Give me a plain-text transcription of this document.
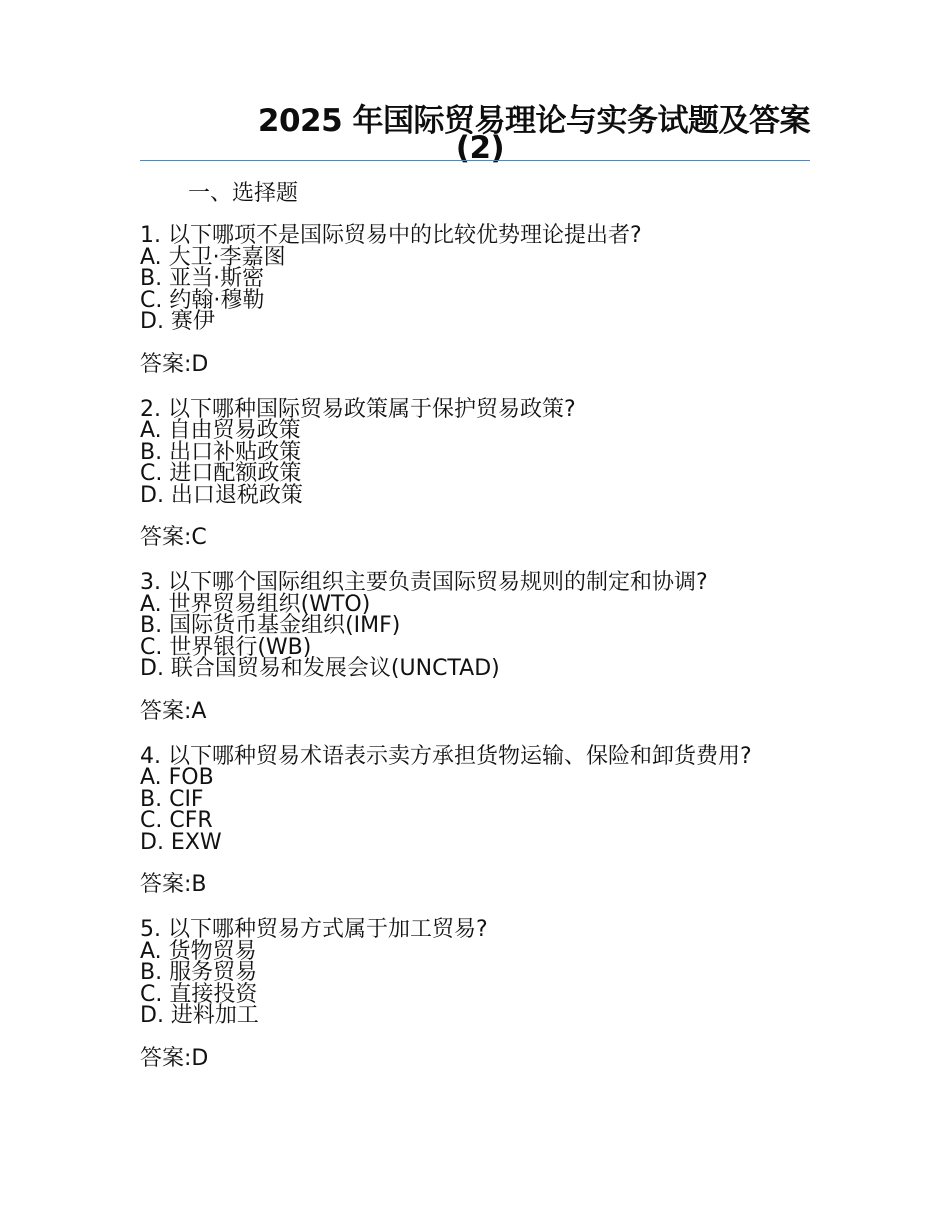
2025 年国际贸易理论与实务试题及答案
(2)
一、选择题

1. 以下哪项不是国际贸易中的比较优势理论提出者?

A. 大卫·李嘉图
B. 亚当·斯密
C. 约翰·穆勒
D. 赛伊

答案:D

2. 以下哪种国际贸易政策属于保护贸易政策?

A. 自由贸易政策
B. 出口补贴政策
C. 进口配额政策
D. 出口退税政策

答案:C

3. 以下哪个国际组织主要负责国际贸易规则的制定和协调?

A. 世界贸易组织(WTO)
B. 国际货币基金组织(IMF)
C. 世界银行(WB)
D. 联合国贸易和发展会议(UNCTAD)

答案:A

4. 以下哪种贸易术语表示卖方承担货物运输、保险和卸货费用?

A. FOB
B. CIF
C. CFR
D. EXW

答案:B

5. 以下哪种贸易方式属于加工贸易?

A. 货物贸易
B. 服务贸易
C. 直接投资
D. 进料加工

答案:D
